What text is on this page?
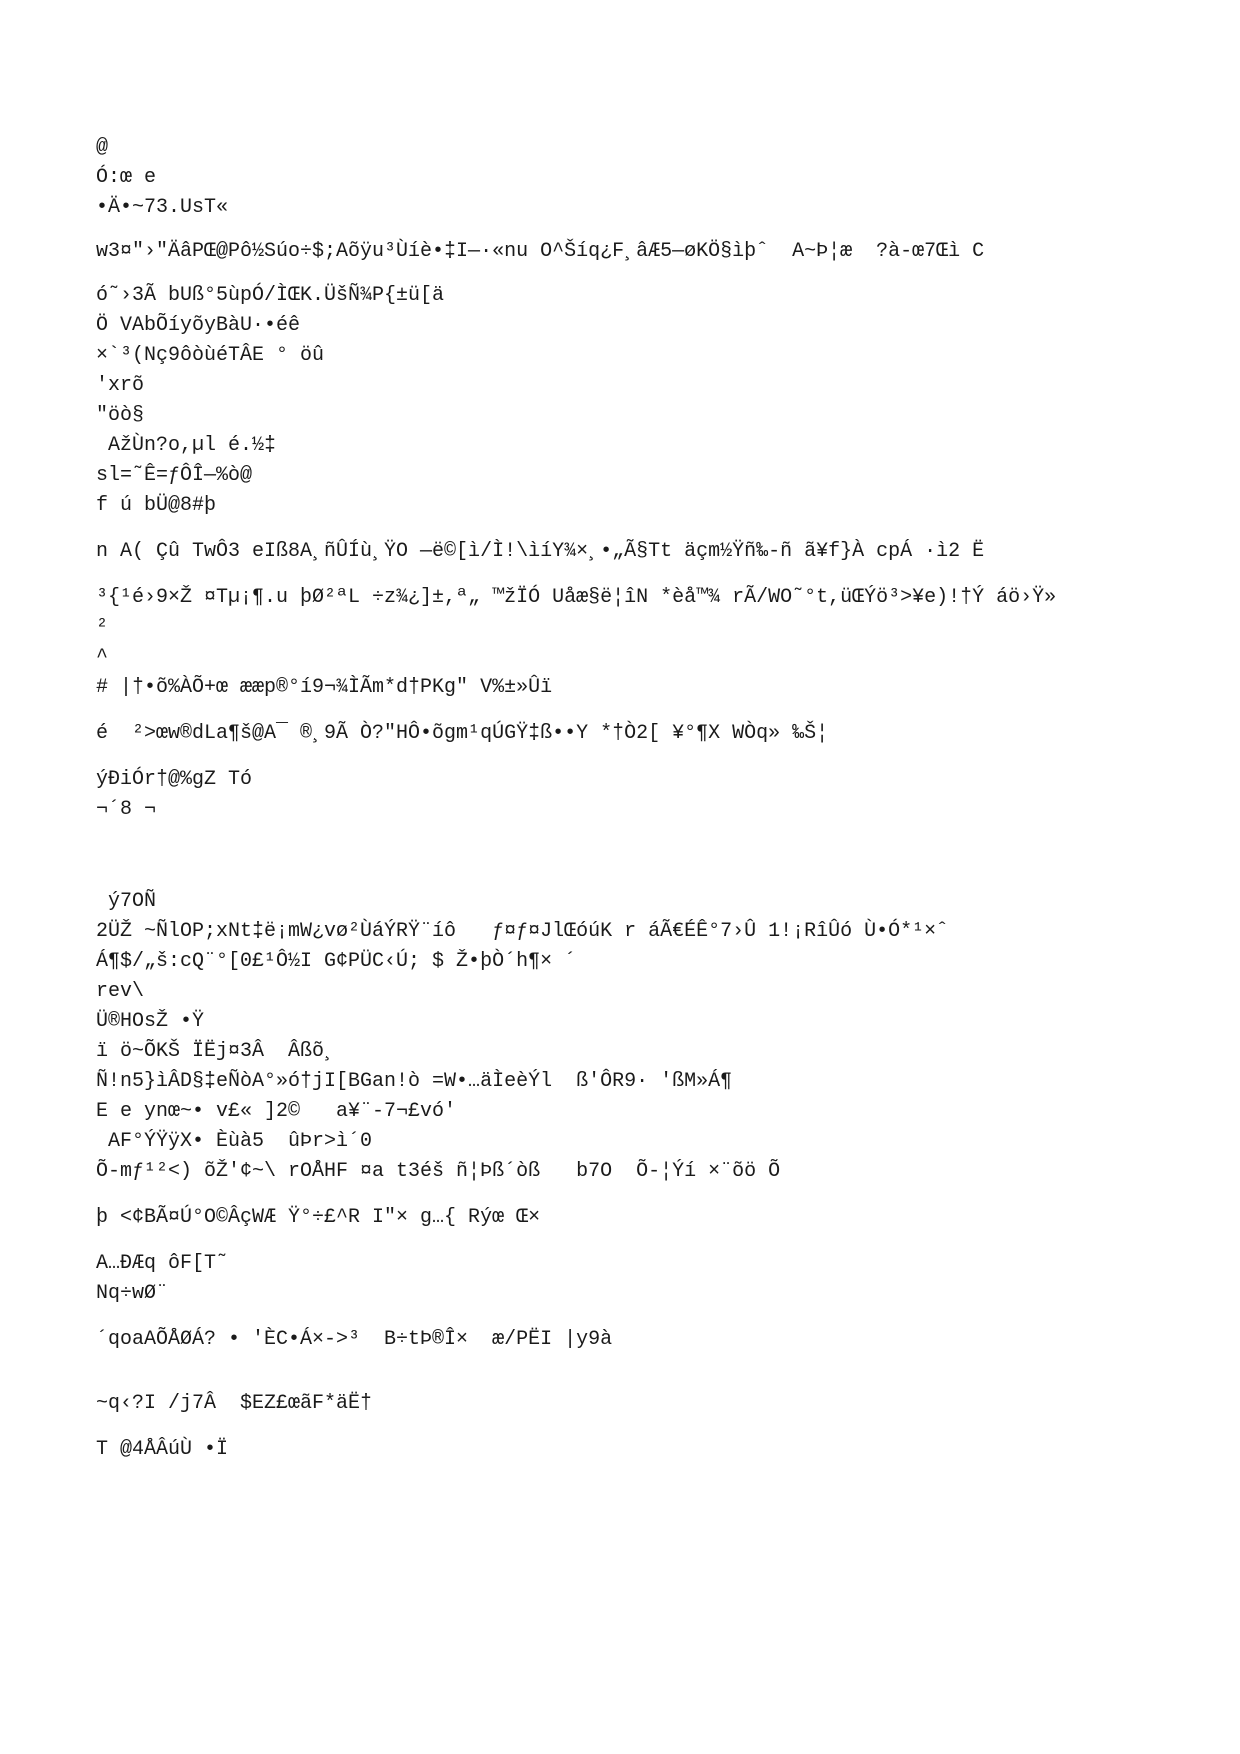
@

Ó:œ e

•Ä•~73.UsT«

w3¤"›"ÄâPŒ@Pô½Súo÷$;Aõÿu³Ùíè•‡I—·«nu O^Šíq¿F¸âÆ5—øKÖ§ìþˆ  A~Þ¦æ  ?à-œ7Œì C

ó˜›3Ã bUß°5ùpÓ/ÌŒK.ÜšÑ¾P{±ü[ä

Ö VAbÕíyõyBàU·•éê

×`³(Nç9ôòùéTÂE ° öû

'xrõ

"öò§

AžÙn?o,µl é.½‡

sl=˜Ê=ƒÔÎ—%ò@

f ú bÜ@8#þ

n A( Çû TwÔ3 eIß8A¸ñÛÍù¸ŸO —ë©[ì/Ì!\ìíY¾×¸•„Ã§Tt äçm½Ÿñ‰-ñ ã¥f}À cpÁ ·ì2 Ë

³{¹é›9×Ž ¤Tµ¡¶.u þØ²ªL ÷z¾¿]±,ª„ ™žÏÓ Uåæ§ë¦îN *èå™¾ rÃ/WO˜°t,üŒÝö³>¥e)!†Ý áö›Ÿ»

²

^

# |†•õ%ÀÕ+œ ææp®°í9¬¾ÌÃm*d†PKg" V%±»Ûï

é  ²>œw®dLa¶š@A¯ ®¸9Ã Ò?"HÔ•õgm¹qÚGŸ‡ß••Y *†Ò2[ ¥°¶X WÒq» ‰Š¦

ýÐiÓr†@%gZ Tó

¬´8 ¬

ý7OÑ

2ÜŽ ~ÑlOP;xNt‡ë¡mW¿vø²ÙáÝRŸ¨íô   ƒ¤ƒ¤JlŒóúK r áÃ€ÉÊ°7›Û 1!¡RîÛó Ù•Ó*¹×ˆ

Á¶$/„š:cQ¨°[0£¹Ô½I G¢PÜC‹Ú; $ Ž•þÒ´h¶× ´

rev\

Ü®HOsŽ •Ÿ

ï ö~ÕKŠ ÏËj¤3Â  Âßõ¸

Ñ!n5}ìÂD§‡eÑòA°»ó†jI[BGan!ò =W•…äÌeèÝl  ß'ÔR9· 'ßM»Á¶

E e ynœ~• v£« ]2©   a¥¨-7¬£vó'

AF°ÝŸÿX• Èùà5  ûÞr>ì´0

Õ-mƒ¹²<) õŽ'¢~\ rOÅHF ¤a t3éš ñ¦Þß´òß   b7O  Õ-¦Ýí ×¨õö Õ

þ <¢BÃ¤Ú°O©ÂçWÆ Ÿ°÷£^R I"× g…{ Rýœ Œ×

A…ÐÆq ôF[T˜

Nq÷wØ¨

´qoaAÕÅØÁ? • 'ÈC•Á×->³  B÷tÞ®Î×  æ/PËI |y9à

~q‹?I /j7Â  $EZ£œãF*äË†

T @4ÅÂúÙ •Ï
